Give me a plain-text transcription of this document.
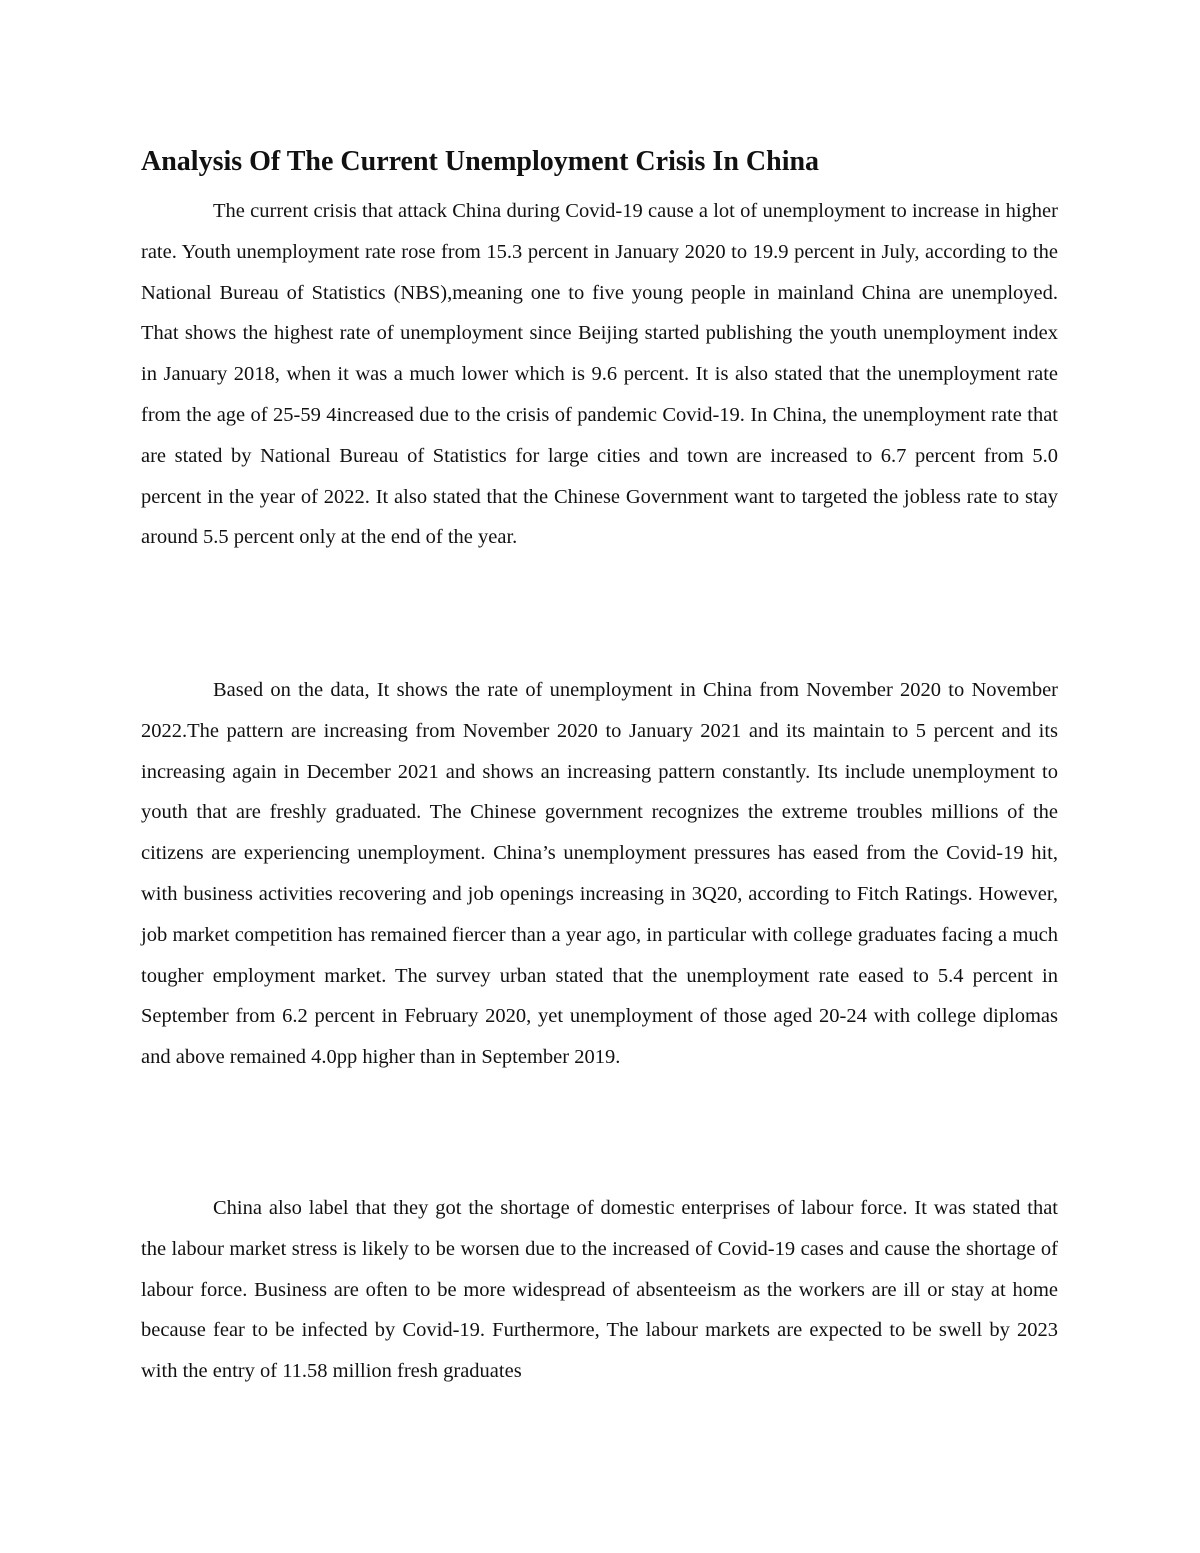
Analysis Of The Current Unemployment Crisis In China

The current crisis that attack China during Covid-19 cause a lot of unemployment to increase in higher rate. Youth unemployment rate rose from 15.3 percent in January 2020 to 19.9 percent in July, according to the National Bureau of Statistics (NBS),meaning one to five young people in mainland China are unemployed. That shows the highest rate of unemployment since Beijing started publishing the youth unemployment index in January 2018, when it was a much lower which is 9.6 percent. It is also stated that the unemployment rate from the age of 25-59 4increased due to the crisis of pandemic Covid-19. In China, the unemployment rate that are stated by National Bureau of Statistics for large cities and town are increased to 6.7 percent from 5.0 percent in the year of 2022. It also stated that the Chinese Government want to targeted the jobless rate to stay around 5.5 percent only at the end of the year.

Based on the data, It shows the rate of unemployment in China from November 2020 to November 2022.The pattern are increasing from November 2020 to January 2021 and its maintain to 5 percent and its increasing again in December 2021 and shows an increasing pattern constantly. Its include unemployment to youth that are freshly graduated. The Chinese government recognizes the extreme troubles millions of the citizens are experiencing unemployment. China’s unemployment pressures has eased from the Covid-19 hit, with business activities recovering and job openings increasing in 3Q20, according to Fitch Ratings. However, job market competition has remained fiercer than a year ago, in particular with college graduates facing a much tougher employment market. The survey urban stated that the unemployment rate eased to 5.4 percent in September from 6.2 percent in February 2020, yet unemployment of those aged 20-24 with college diplomas and above remained 4.0pp higher than in September 2019.

China also label that they got the shortage of domestic enterprises of labour force. It was stated that the labour market stress is likely to be worsen due to the increased of Covid-19 cases and cause the shortage of labour force. Business are often to be more widespread of absenteeism as the workers are ill or stay at home because fear to be infected by Covid-19. Furthermore, The labour markets are expected to be swell by 2023 with the entry of 11.58 million fresh graduates
